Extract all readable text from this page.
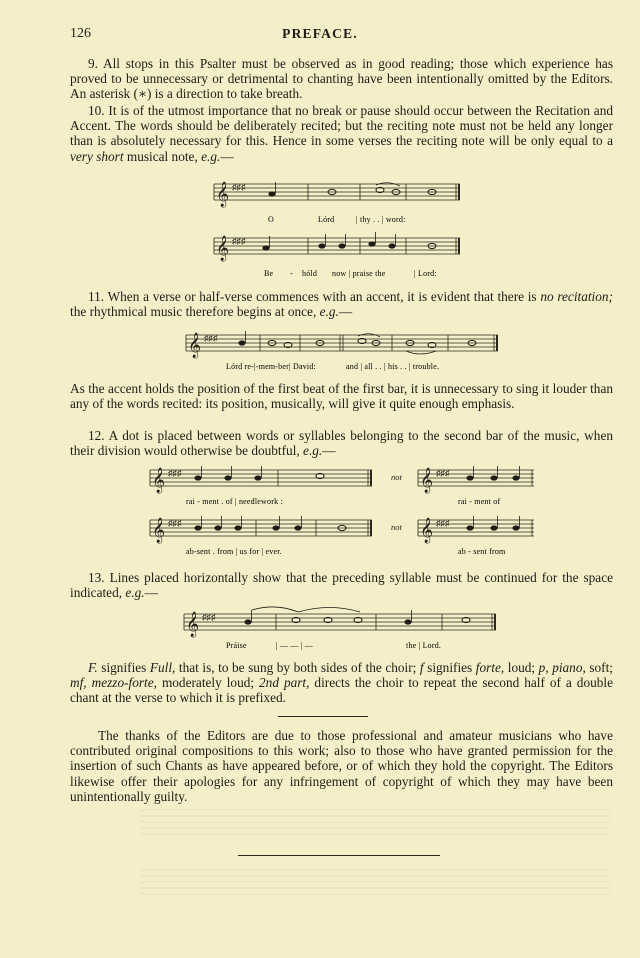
126	PREFACE.
9. All stops in this Psalter must be observed as in good reading; those which experience has proved to be unnecessary or detrimental to chanting have been intentionally omitted by the Editors. An asterisk (∗) is a direction to take breath.
10. It is of the utmost importance that no break or pause should occur between the Recitation and Accent. The words should be deliberately recited; but the reciting note must not be held any longer than is absolutely necessary for this. Hence in some verses the reciting note will be only equal to a very short musical note, e.g.—
𝄞 ♯♯♯
O	Lórd	| thy . . | word:
𝄞 ♯♯♯
Be - hóld now | praise the	| Lord:
11. When a verse or half-verse commences with an accent, it is evident that there is no recitation; the rhythmical music therefore begins at once, e.g.—
𝄞 ♯♯♯
Lórd re-|-mem-ber| David:	and | all . . | his . . | trouble.
As the accent holds the position of the first beat of the first bar, it is unnecessary to sing it louder than any of the words recited: its position, musically, will give it quite enough emphasis.
12. A dot is placed between words or syllables belonging to the second bar of the music, when their division would otherwise be doubtful, e.g.—
𝄞 ♯♯♯
rai - ment . of | needlework :
not 𝄞 ♯♯♯
rai - ment of
𝄞 ♯♯♯
ab-sent . from | us for | ever.
not 𝄞 ♯♯♯
ab - sent from
13. Lines placed horizontally show that the preceding syllable must be continued for the space indicated, e.g.—
𝄞 ♯♯♯
Práise	| — — | —	the | Lord.
F. signifies Full, that is, to be sung by both sides of the choir; f signifies forte, loud; p, piano, soft; mf, mezzo-forte, moderately loud; 2nd part, directs the choir to repeat the second half of a double chant at the verse to which it is prefixed.
The thanks of the Editors are due to those professional and amateur musicians who have contributed original compositions to this work; also to those who have granted permission for the insertion of such Chants as have appeared before, or of which they hold the copyright. The Editors likewise offer their apologies for any infringement of copyright of which they may have been unintentionally guilty.
